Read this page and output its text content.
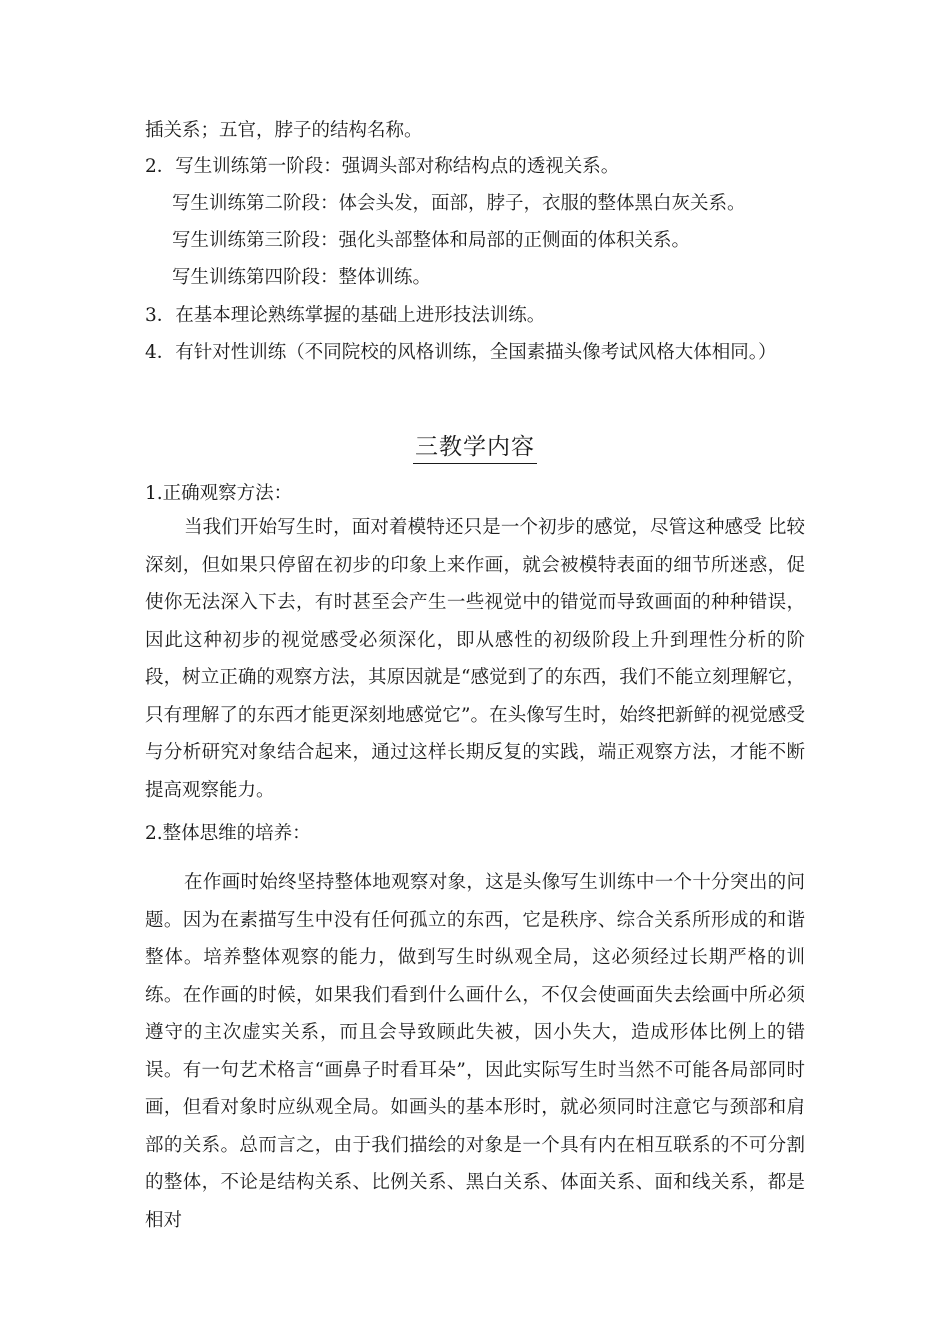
插关系；五官，脖子的结构名称。
2．写生训练第一阶段：强调头部对称结构点的透视关系。
写生训练第二阶段：体会头发，面部，脖子，衣服的整体黑白灰关系。
写生训练第三阶段：强化头部整体和局部的正侧面的体积关系。
写生训练第四阶段：整体训练。
3．在基本理论熟练掌握的基础上进形技法训练。
4．有针对性训练（不同院校的风格训练，全国素描头像考试风格大体相同。）
三教学内容
1.正确观察方法：

当我们开始写生时，面对着模特还只是一个初步的感觉，尽管这种感受 比较深刻，但如果只停留在初步的印象上来作画，就会被模特表面的细节所迷惑，促使你无法深入下去，有时甚至会产生一些视觉中的错觉而导致画面的种种错误，因此这种初步的视觉感受必须深化，即从感性的初级阶段上升到理性分析的阶段，树立正确的观察方法，其原因就是“感觉到了的东西，我们不能立刻理解它，只有理解了的东西才能更深刻地感觉它”。在头像写生时，始终把新鲜的视觉感受与分析研究对象结合起来，通过这样长期反复的实践，端正观察方法，才能不断提高观察能力。

2.整体思维的培养：

在作画时始终坚持整体地观察对象，这是头像写生训练中一个十分突出的问题。因为在素描写生中没有任何孤立的东西，它是秩序、综合关系所形成的和谐整体。培养整体观察的能力，做到写生时纵观全局，这必须经过长期严格的训练。在作画的时候，如果我们看到什么画什么，不仅会使画面失去绘画中所必须遵守的主次虚实关系，而且会导致顾此失被，因小失大，造成形体比例上的错误。有一句艺术格言“画鼻子时看耳朵”，因此实际写生时当然不可能各局部同时画，但看对象时应纵观全局。如画头的基本形时，就必须同时注意它与颈部和肩部的关系。总而言之，由于我们描绘的对象是一个具有内在相互联系的不可分割的整体，不论是结构关系、比例关系、黑白关系、体面关系、面和线关系，都是相对
